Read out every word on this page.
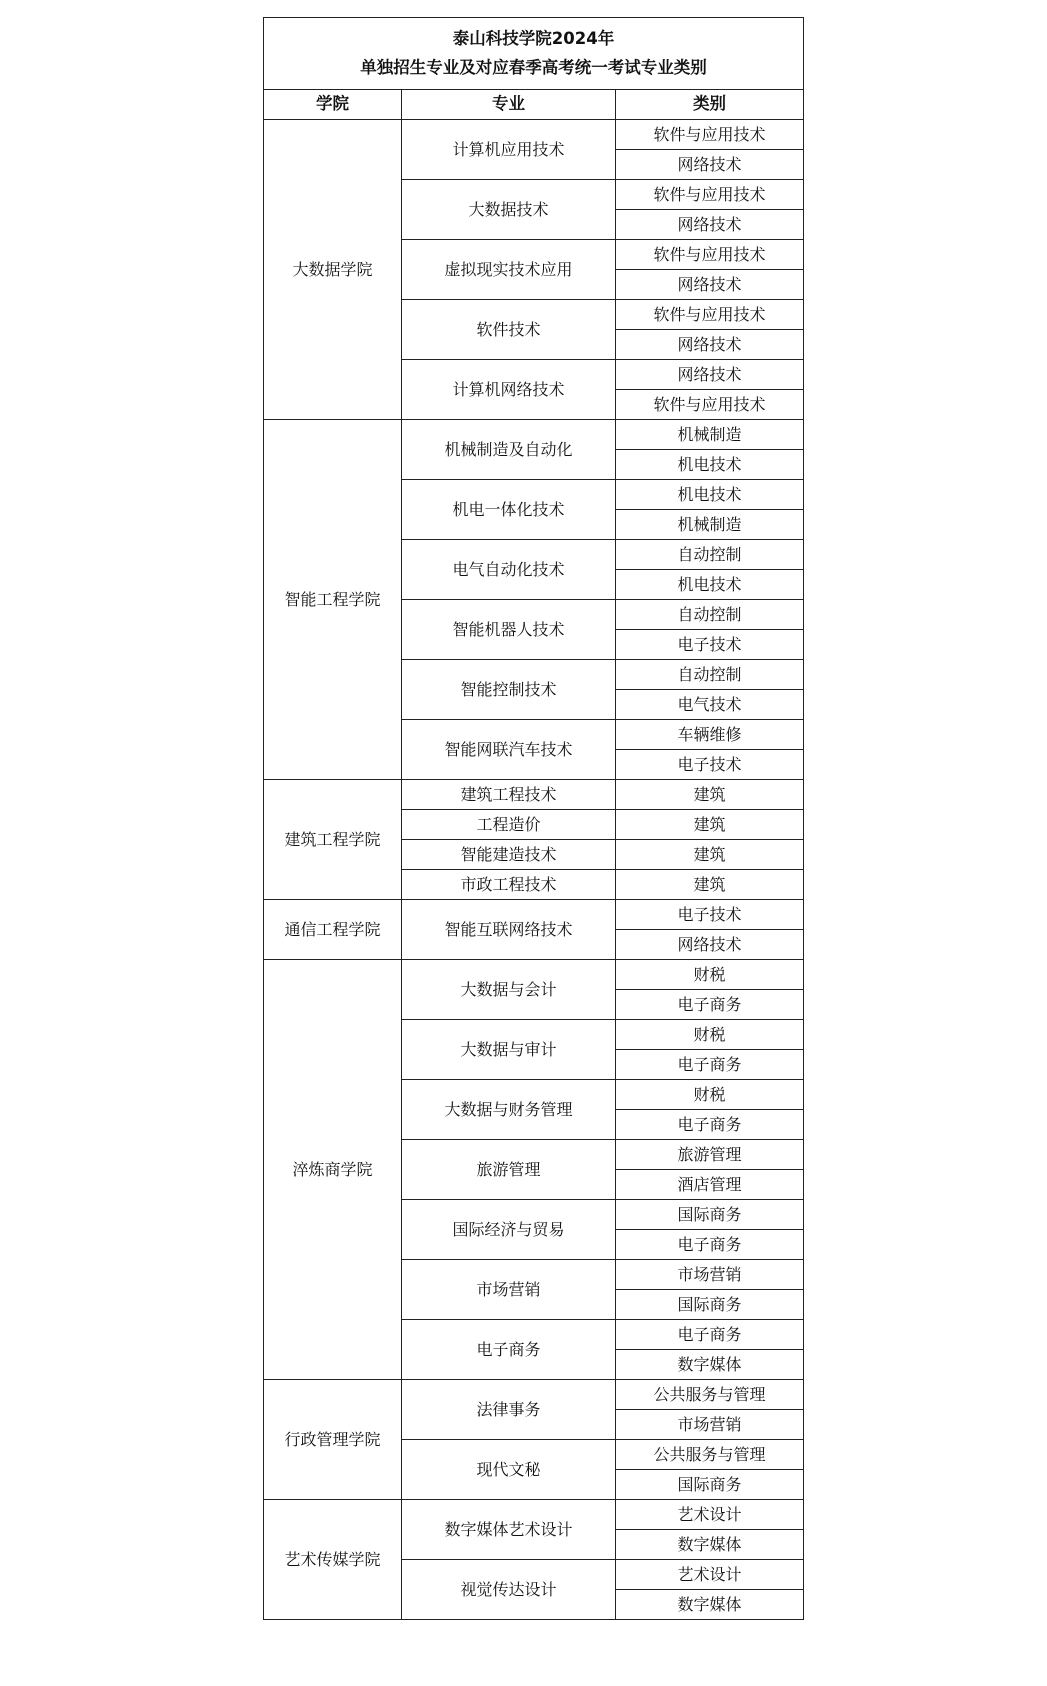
泰山科技学院2024年
单独招生专业及对应春季高考统一考试专业类别		

学院	专业	类别
大数据学院	计算机应用技术	软件与应用技术
		网络技术
	大数据技术	软件与应用技术
		网络技术
	虚拟现实技术应用	软件与应用技术
		网络技术
	软件技术	软件与应用技术
		网络技术
	计算机网络技术	网络技术
		软件与应用技术
智能工程学院	机械制造及自动化	机械制造
		机电技术
	机电一体化技术	机电技术
		机械制造
	电气自动化技术	自动控制
		机电技术
	智能机器人技术	自动控制
		电子技术
	智能控制技术	自动控制
		电气技术
	智能网联汽车技术	车辆维修
		电子技术
建筑工程学院	建筑工程技术	建筑
	工程造价	建筑
	智能建造技术	建筑
	市政工程技术	建筑
通信工程学院	智能互联网络技术	电子技术
		网络技术
淬炼商学院	大数据与会计	财税
		电子商务
	大数据与审计	财税
		电子商务
	大数据与财务管理	财税
		电子商务
	旅游管理	旅游管理
		酒店管理
	国际经济与贸易	国际商务
		电子商务
	市场营销	市场营销
		国际商务
	电子商务	电子商务
		数字媒体
行政管理学院	法律事务	公共服务与管理
		市场营销
	现代文秘	公共服务与管理
		国际商务
艺术传媒学院	数字媒体艺术设计	艺术设计
		数字媒体
	视觉传达设计	艺术设计
		数字媒体
